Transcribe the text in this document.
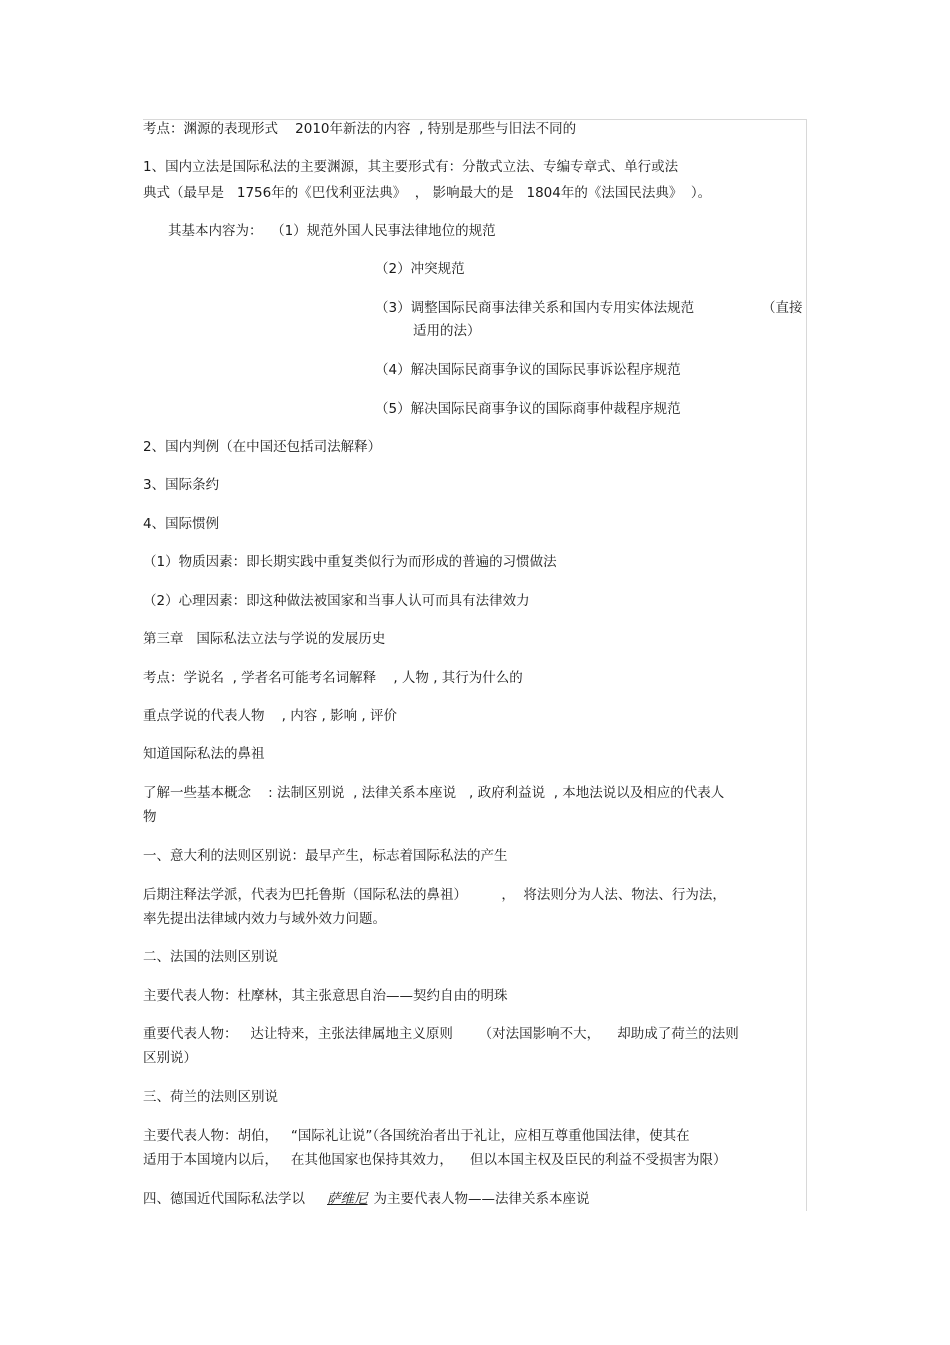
考点：渊源的表现形式    2010年新法的内容  , 特别是那些与旧法不同的
1、国内立法是国际私法的主要渊源，其主要形式有：分散式立法、专编专章式、单行或法
典式（最早是   1756年的《巴伐利亚法典》  ， 影响最大的是   1804年的《法国民法典》  ）。
其基本内容为：  （1）规范外国人民事法律地位的规范
（2）冲突规范
（3）调整国际民商事法律关系和国内专用实体法规范	（直接
适用的法）
（4）解决国际民商事争议的国际民事诉讼程序规范
（5）解决国际民商事争议的国际商事仲裁程序规范
2、国内判例（在中国还包括司法解释）
3、国际条约
4、国际惯例
（1）物质因素：即长期实践中重复类似行为而形成的普遍的习惯做法
（2）心理因素：即这种做法被国家和当事人认可而具有法律效力
第三章   国际私法立法与学说的发展历史
考点：学说名  , 学者名可能考名词解释    , 人物 , 其行为什么的
重点学说的代表人物    , 内容 , 影响 , 评价
知道国际私法的鼻祖
了解一些基本概念    : 法制区别说  , 法律关系本座说   , 政府利益说  , 本地法说以及相应的代表人
物
一、意大利的法则区别说：最早产生，标志着国际私法的产生
后期注释法学派，代表为巴托鲁斯（国际私法的鼻祖）        ，  将法则分为人法、物法、行为法，
率先提出法律域内效力与域外效力问题。
二、法国的法则区别说
主要代表人物：杜摩林，其主张意思自治——契约自由的明珠
重要代表人物：   达让特来，主张法律属地主义原则      （对法国影响不大，    却助成了荷兰的法则
区别说）
三、荷兰的法则区别说
主要代表人物：胡伯，   “国际礼让说”（各国统治者出于礼让，应相互尊重他国法律，使其在
适用于本国境内以后，   在其他国家也保持其效力，    但以本国主权及臣民的利益不受损害为限）
四、德国近代国际私法学以 萨维尼 为主要代表人物——法律关系本座说
